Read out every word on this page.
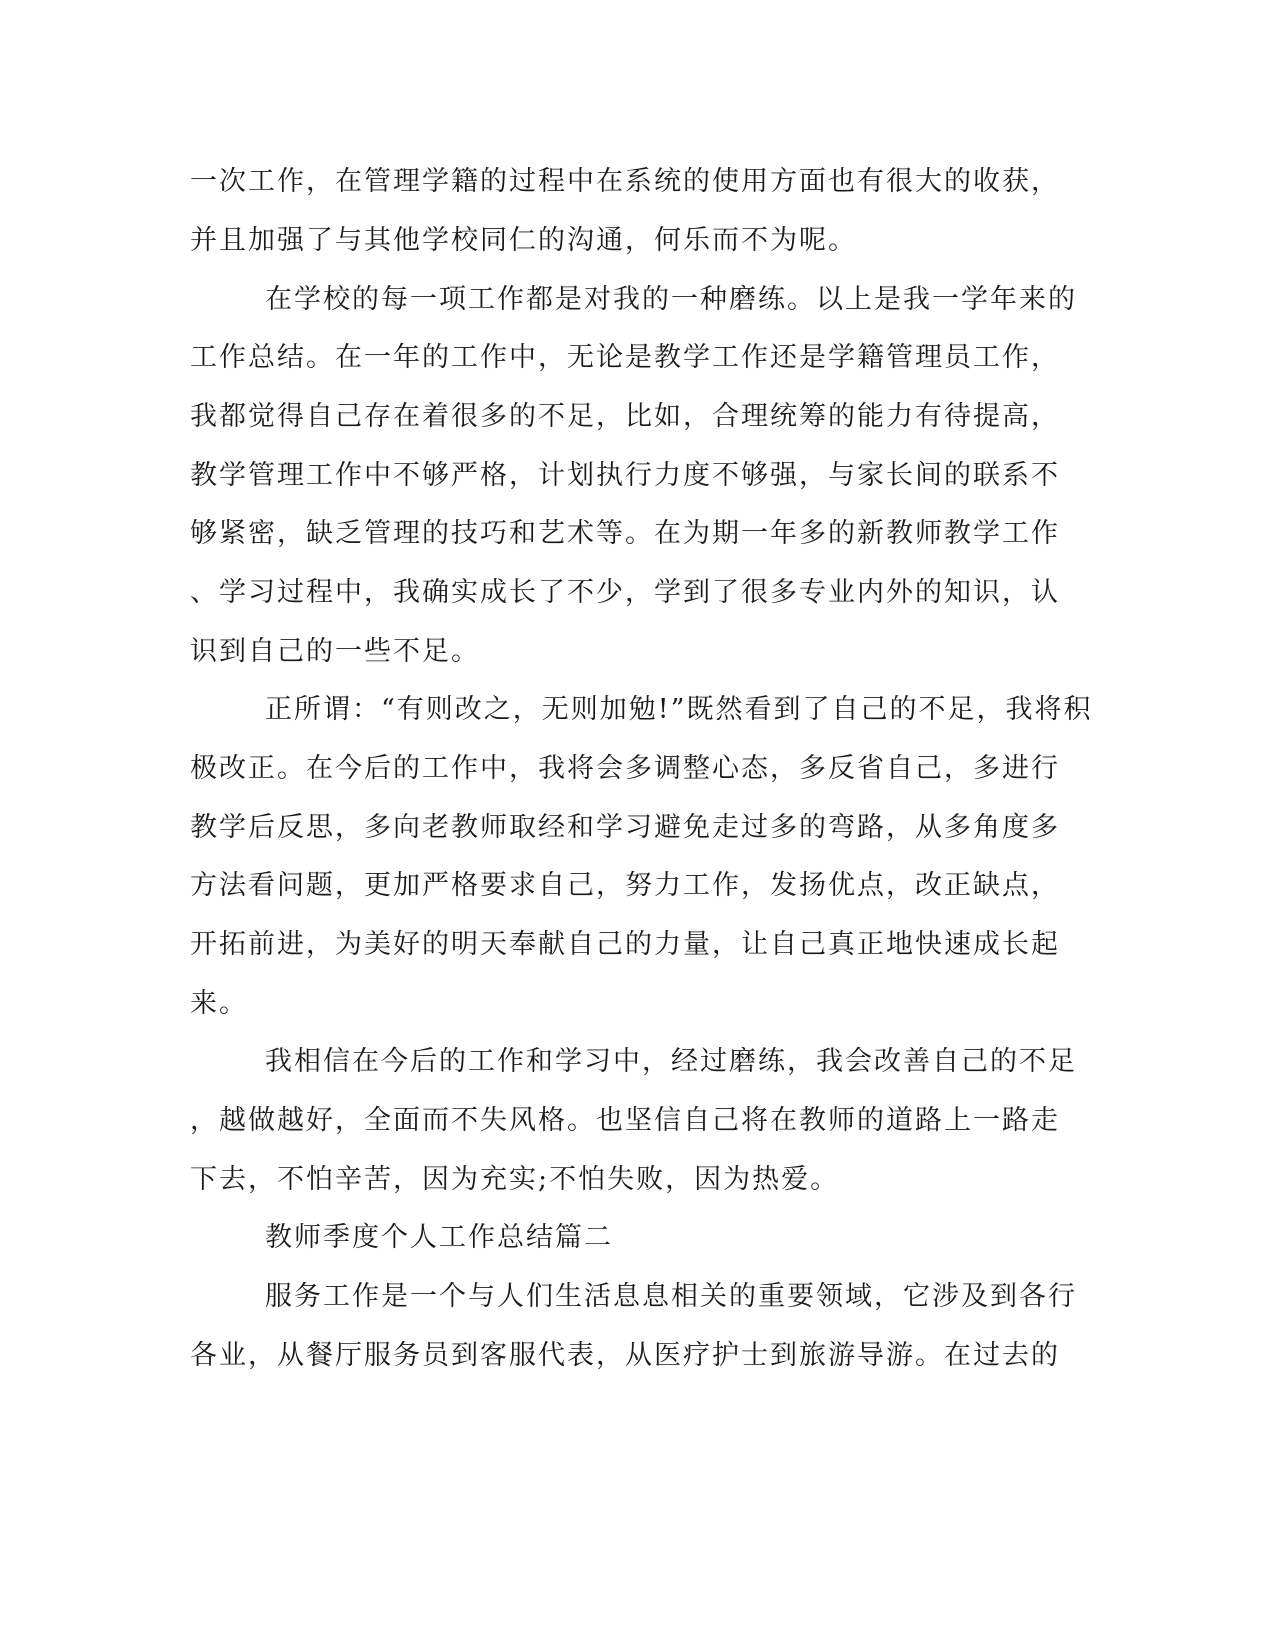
一次工作，在管理学籍的过程中在系统的使用方面也有很大的收获，
并且加强了与其他学校同仁的沟通，何乐而不为呢。
在学校的每一项工作都是对我的一种磨练。以上是我一学年来的
工作总结。在一年的工作中，无论是教学工作还是学籍管理员工作，
我都觉得自己存在着很多的不足，比如，合理统筹的能力有待提高，
教学管理工作中不够严格，计划执行力度不够强，与家长间的联系不
够紧密，缺乏管理的技巧和艺术等。在为期一年多的新教师教学工作
、学习过程中，我确实成长了不少，学到了很多专业内外的知识，认
识到自己的一些不足。
正所谓：“有则改之，无则加勉!”既然看到了自己的不足，我将积
极改正。在今后的工作中，我将会多调整心态，多反省自己，多进行
教学后反思，多向老教师取经和学习避免走过多的弯路，从多角度多
方法看问题，更加严格要求自己，努力工作，发扬优点，改正缺点，
开拓前进，为美好的明天奉献自己的力量，让自己真正地快速成长起
来。
我相信在今后的工作和学习中，经过磨练，我会改善自己的不足
，越做越好，全面而不失风格。也坚信自己将在教师的道路上一路走
下去，不怕辛苦，因为充实;不怕失败，因为热爱。
教师季度个人工作总结篇二
服务工作是一个与人们生活息息相关的重要领域，它涉及到各行
各业，从餐厅服务员到客服代表，从医疗护士到旅游导游。在过去的
